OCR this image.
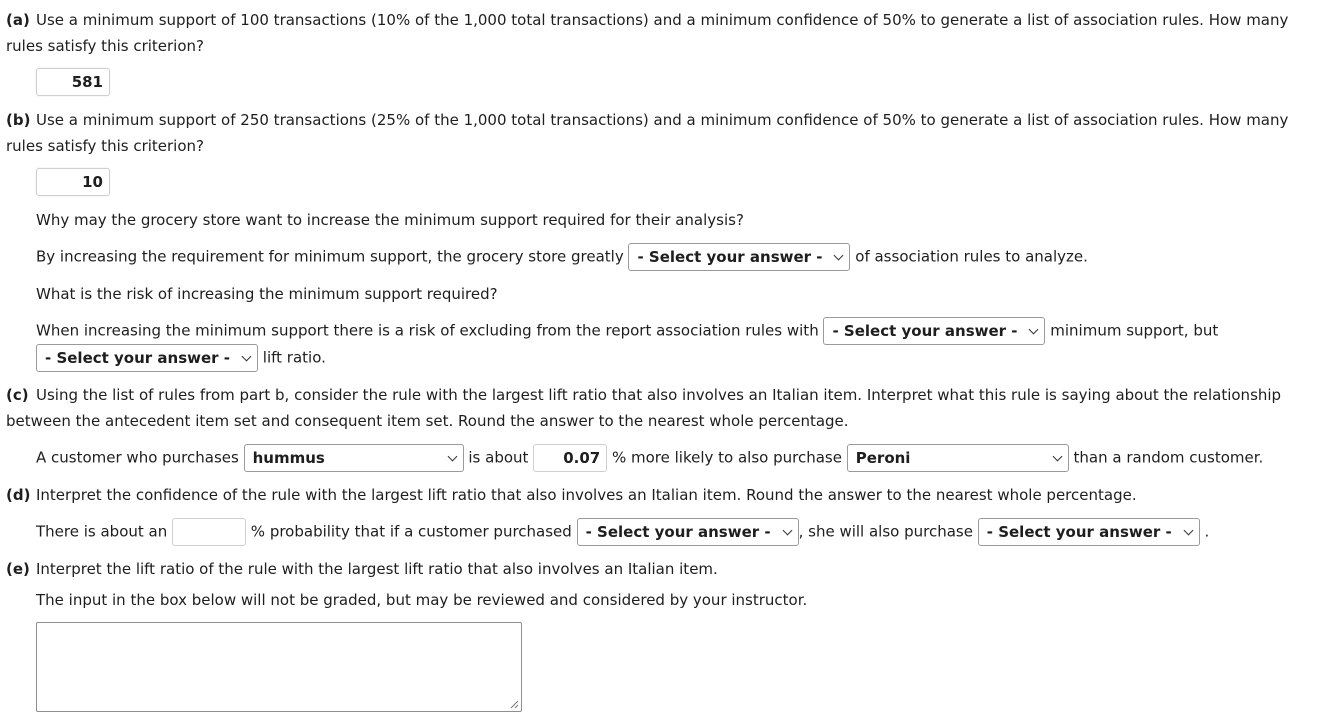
(a) Use a minimum support of 100 transactions (10% of the 1,000 total transactions) and a minimum confidence of 50% to generate a list of association rules. How many rules satisfy this criterion?
581
(b) Use a minimum support of 250 transactions (25% of the 1,000 total transactions) and a minimum confidence of 50% to generate a list of association rules. How many rules satisfy this criterion?
10
Why may the grocery store want to increase the minimum support required for their analysis?
By increasing the requirement for minimum support, the grocery store greatly - Select your answer - of association rules to analyze.
What is the risk of increasing the minimum support required?
When increasing the minimum support there is a risk of excluding from the report association rules with - Select your answer - minimum support, but
- Select your answer - lift ratio.
(c) Using the list of rules from part b, consider the rule with the largest lift ratio that also involves an Italian item. Interpret what this rule is saying about the relationship between the antecedent item set and consequent item set. Round the answer to the nearest whole percentage.
A customer who purchases hummus	is about 0.07 % more likely to also purchase Peroni	than a random customer.
(d) Interpret the confidence of the rule with the largest lift ratio that also involves an Italian item. Round the answer to the nearest whole percentage.
There is about an	% probability that if a customer purchased - Select your answer - , she will also purchase - Select your answer - .
(e) Interpret the lift ratio of the rule with the largest lift ratio that also involves an Italian item.
The input in the box below will not be graded, but may be reviewed and considered by your instructor.
